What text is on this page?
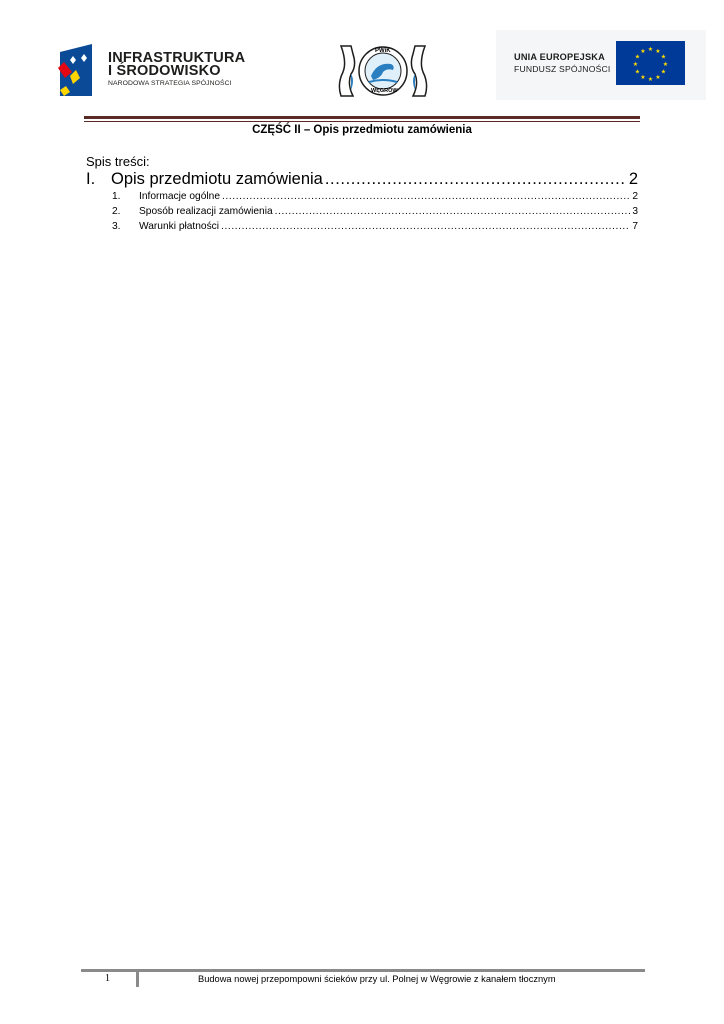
INFRASTRUKTURA
I ŚRODOWISKO
NARODOWA STRATEGIA SPÓJNOŚCI
PWiK
WĘGRÓW
UNIA EUROPEJSKA
FUNDUSZ SPÓJNOŚCI
★ ★
★
★
★
★
★
★
★
★
★
★
CZĘŚĆ II – Opis przedmiotu zamówienia
Spis treści:
I. Opis przedmiotu zamówienia .....	2
1.	Informacje ogólne .....	2
2.	Sposób realizacji zamówienia .....	3
3.	Warunki płatności .....	7
1	Budowa nowej przepompowni ścieków przy ul. Polnej w Węgrowie z kanałem tłocznym
